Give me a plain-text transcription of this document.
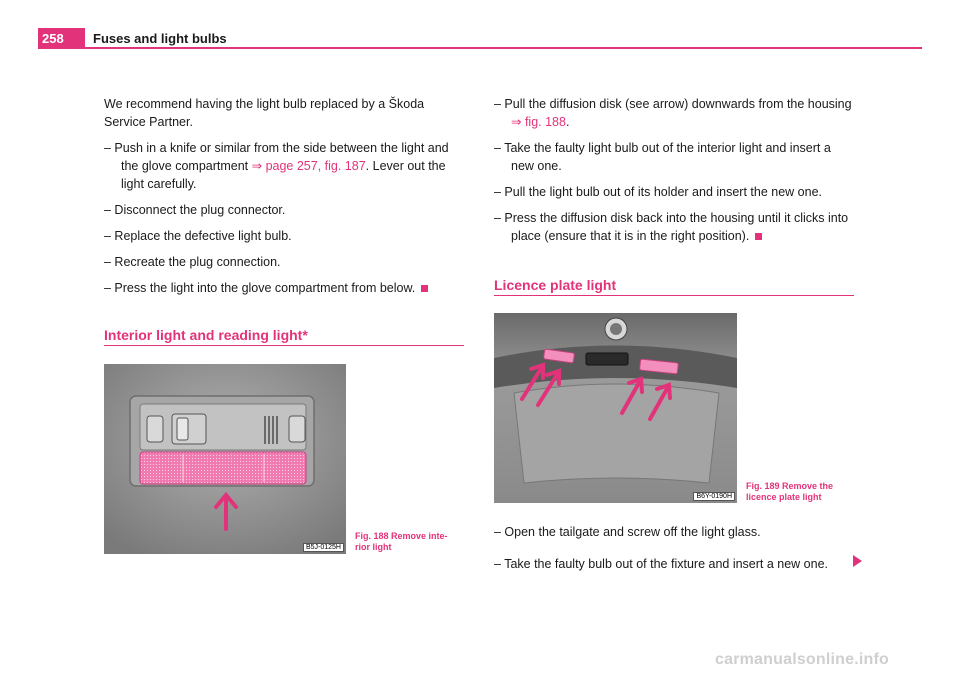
258 Fuses and light bulbs

We recommend having the light bulb replaced by a Škoda Service Partner.

– Push in a knife or similar from the side between the light and the glove compartment ⇒ page 257, fig. 187. Lever out the light carefully.

– Disconnect the plug connector.

– Replace the defective light bulb.

– Recreate the plug connection.

– Press the light into the glove compartment from below.

Interior light and reading light*
B5J-0125H
Fig. 188 Remove inte-
rior light

– Pull the diffusion disk (see arrow) downwards from the housing ⇒ fig. 188.

– Take the faulty light bulb out of the interior light and insert a new one.

– Pull the light bulb out of its holder and insert the new one.

– Press the diffusion disk back into the housing until it clicks into place (ensure that it is in the right position).

Licence plate light
B6Y-0190H
Fig. 189 Remove the
licence plate light

– Open the tailgate and screw off the light glass.

– Take the faulty bulb out of the fixture and insert a new one.

carmanualsonline.info
